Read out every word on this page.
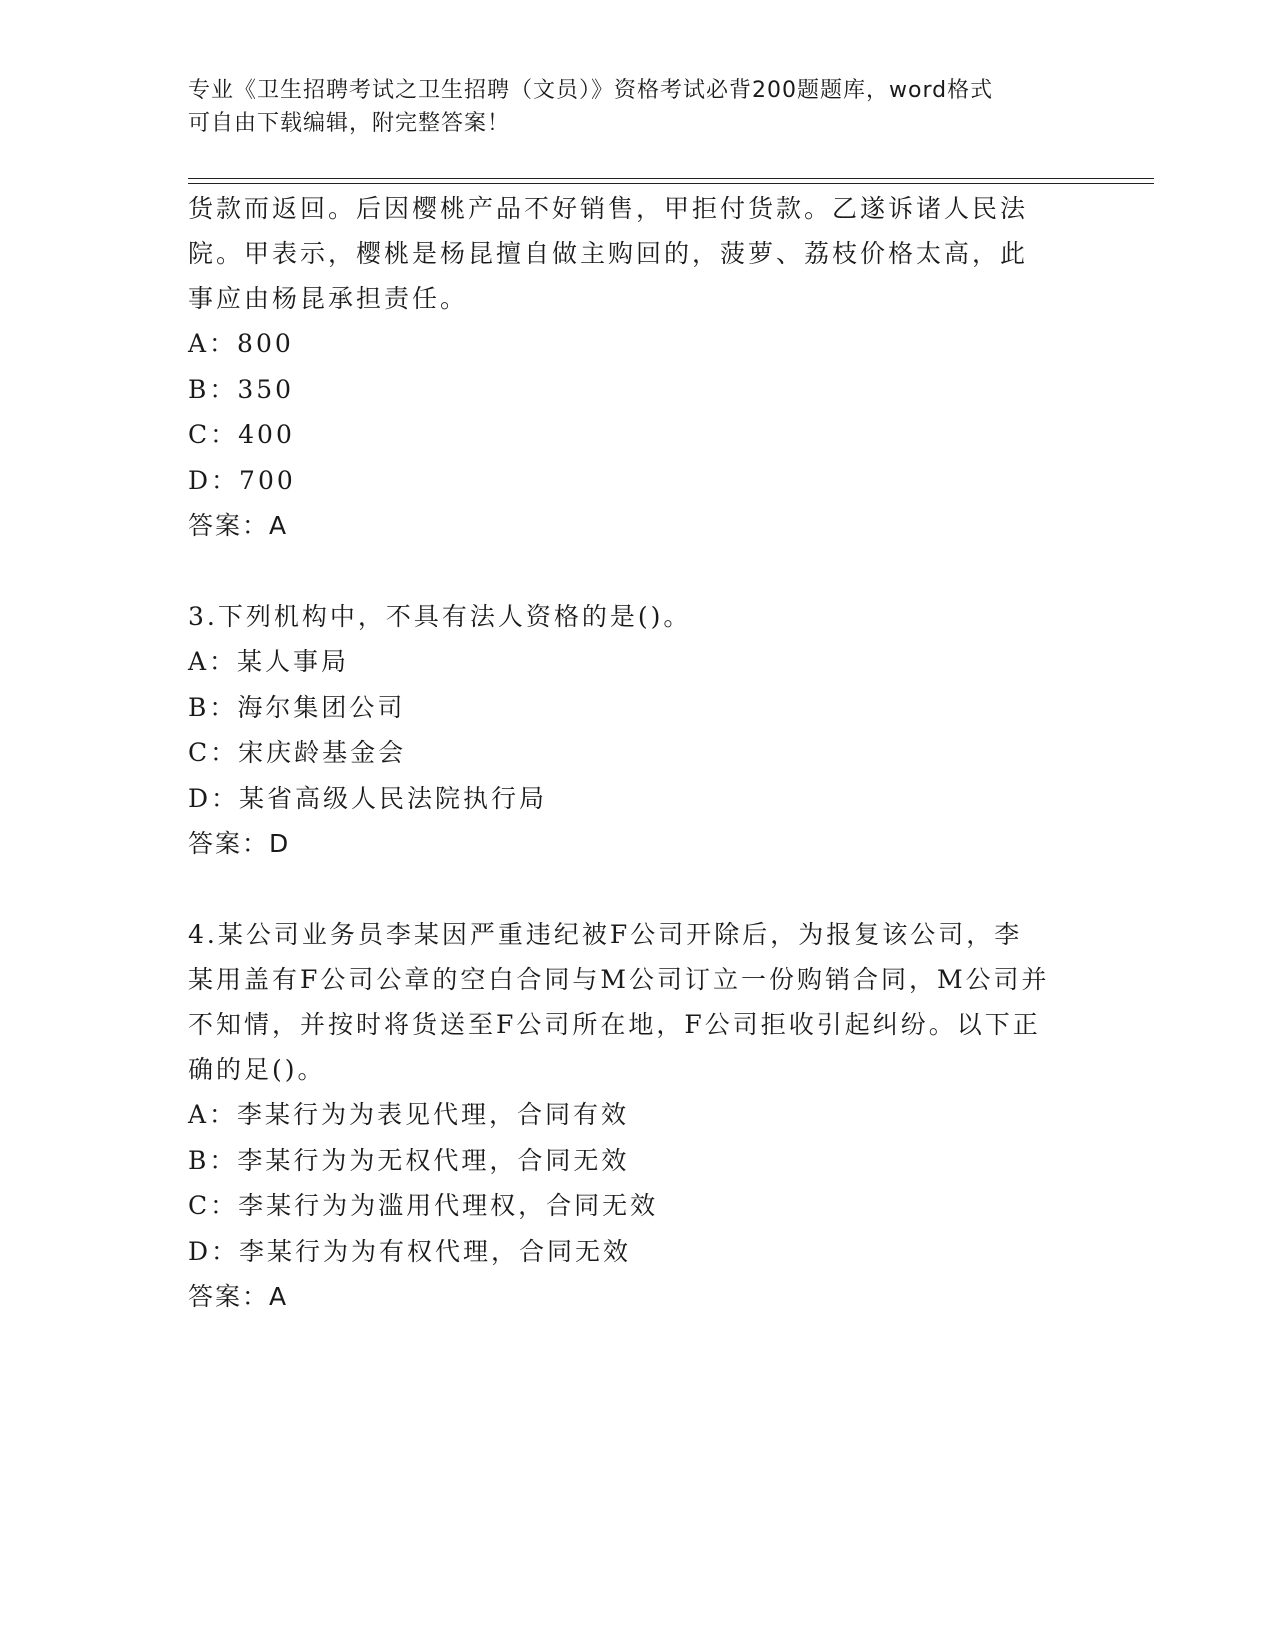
专业《卫生招聘考试之卫生招聘（文员）》资格考试必背200题题库，word格式
可自由下载编辑，附完整答案！
货款而返回。后因樱桃产品不好销售，甲拒付货款。乙遂诉诸人民法
院。甲表示，樱桃是杨昆擅自做主购回的，菠萝、荔枝价格太高，此
事应由杨昆承担责任。
A：800
B：350
C：400
D：700
答案：A
3.下列机构中，不具有法人资格的是()。
A：某人事局
B：海尔集团公司
C：宋庆龄基金会
D：某省高级人民法院执行局
答案：D
4.某公司业务员李某因严重违纪被F公司开除后，为报复该公司，李
某用盖有F公司公章的空白合同与M公司订立一份购销合同，M公司并
不知情，并按时将货送至F公司所在地，F公司拒收引起纠纷。以下正
确的足()。
A：李某行为为表见代理，合同有效
B：李某行为为无权代理，合同无效
C：李某行为为滥用代理权，合同无效
D：李某行为为有权代理，合同无效
答案：A
